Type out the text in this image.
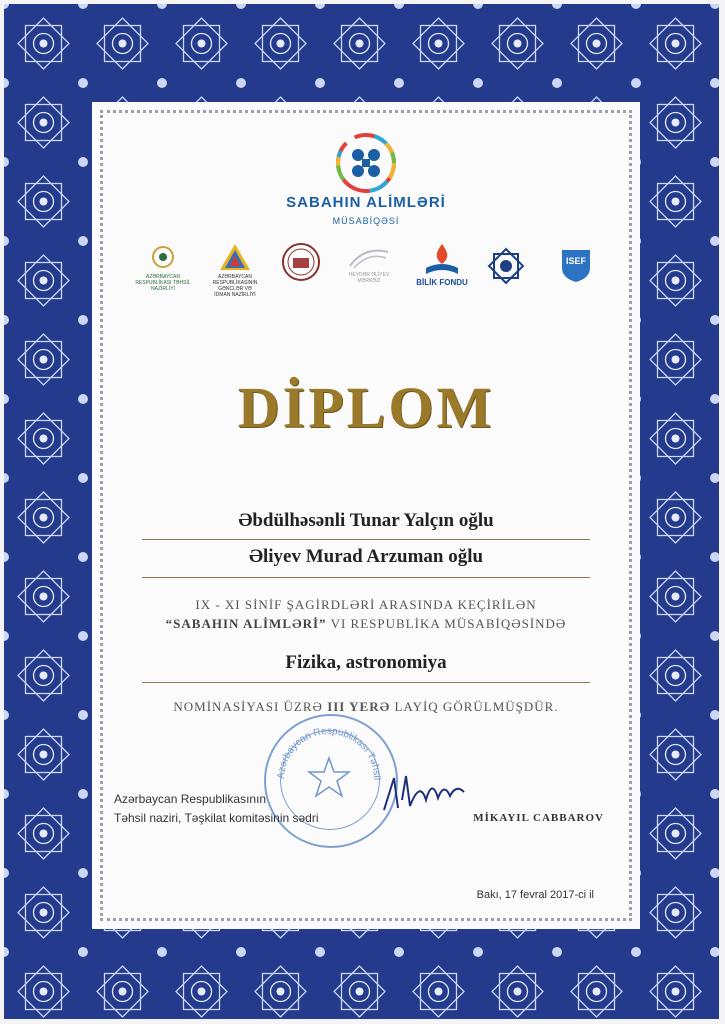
SABAHIN ALİMLƏRİ
MÜSABİQƏSİ
AZƏRBAYCAN RESPUBLİKASI TƏHSİL NAZİRLİYİ
AZƏRBAYCAN RESPUBLİKASININ GƏNCLƏR VƏ İDMAN NAZİRLİYİ
HEYDƏR ƏLİYEV MƏRKƏZİ	BİLİK FONDU
ISEF
DİPLOM
Əbdülhəsənli Tunar Yalçın oğlu
Əliyev Murad Arzuman oğlu
IX - XI SİNİF ŞAGİRDLƏRİ ARASINDA KEÇİRİLƏN
“SABAHIN ALİMLƏRİ” VI RESPUBLİKA MÜSABİQƏSİNDƏ
Fizika, astronomiya
NOMİNASİYASI ÜZRƏ III YERƏ LAYİQ GÖRÜLMÜŞDÜR.
Azərbaycan Respublikası Təhsil
Azərbaycan Respublikasının
Təhsil naziri, Təşkilat komitəsinin sədri	MİKAYIL CABBAROV
Bakı, 17 fevral 2017-ci il
